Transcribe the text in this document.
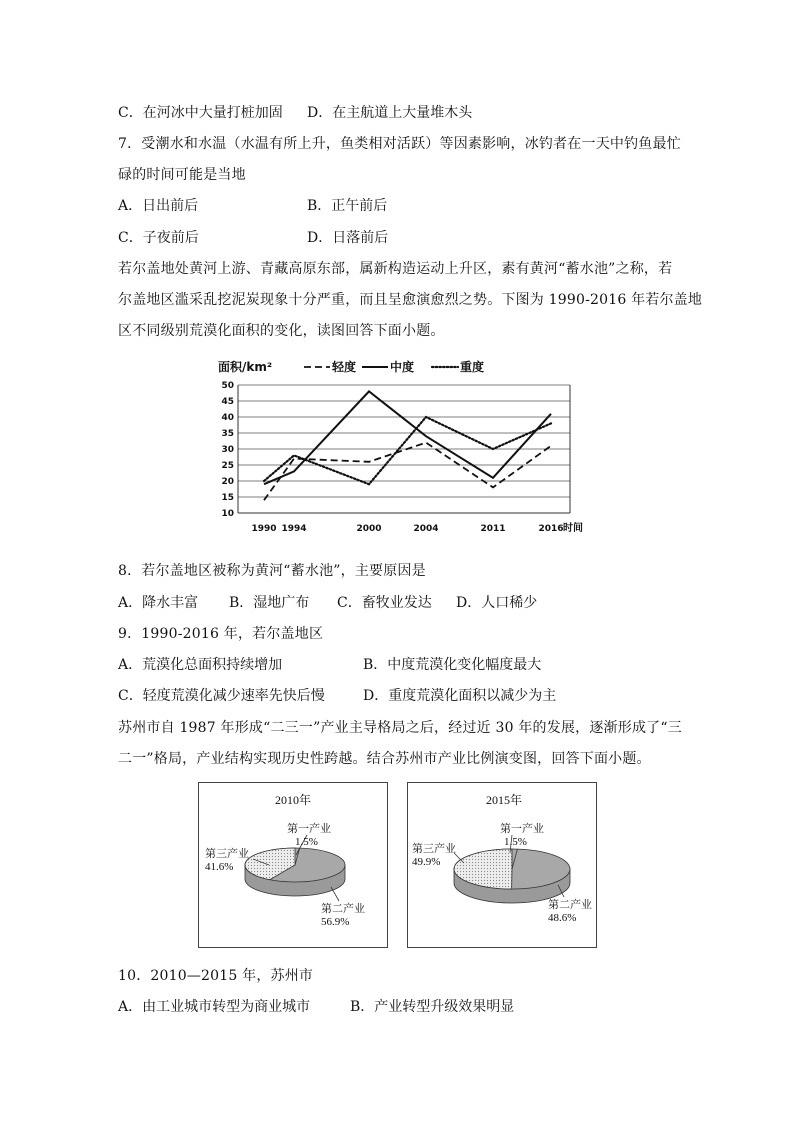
C．在河冰中大量打桩加固 D．在主航道上大量堆木头
7．受潮水和水温（水温有所上升，鱼类相对活跃）等因素影响，冰钓者在一天中钓鱼最忙
碌的时间可能是当地
A．日出前后	B．正午前后
C．子夜前后	D．日落前后
若尔盖地处黄河上游、青藏高原东部，属新构造运动上升区，素有黄河“蓄水池”之称，若
尔盖地区滥采乱挖泥炭现象十分严重，而且呈愈演愈烈之势。下图为 1990-2016 年若尔盖地
区不同级别荒漠化面积的变化，读图回答下面小题。
10
15
20
25
30
35
40
45
50
1990 1994	2000	2004	2011	2016
面积/km²
时间
轻度	中度	重度
8．若尔盖地区被称为黄河“蓄水池”，主要原因是
A．降水丰富 B．湿地广布 C．畜牧业发达 D．人口稀少
9．1990-2016 年，若尔盖地区
A．荒漠化总面积持续增加	B．中度荒漠化变化幅度最大
C．轻度荒漠化减少速率先快后慢	D．重度荒漠化面积以减少为主
苏州市自 1987 年形成“二三一”产业主导格局之后，经过近 30 年的发展，逐渐形成了“三
二一”格局，产业结构实现历史性跨越。结合苏州市产业比例演变图，回答下面小题。
2010年
第一产业
1.5%
第三产业
41.6%
第二产业
56.9%
2015年
第一产业
1.5%
第三产业
49.9%
第二产业
48.6%
10．2010—2015 年，苏州市
A．由工业城市转型为商业城市	B．产业转型升级效果明显
